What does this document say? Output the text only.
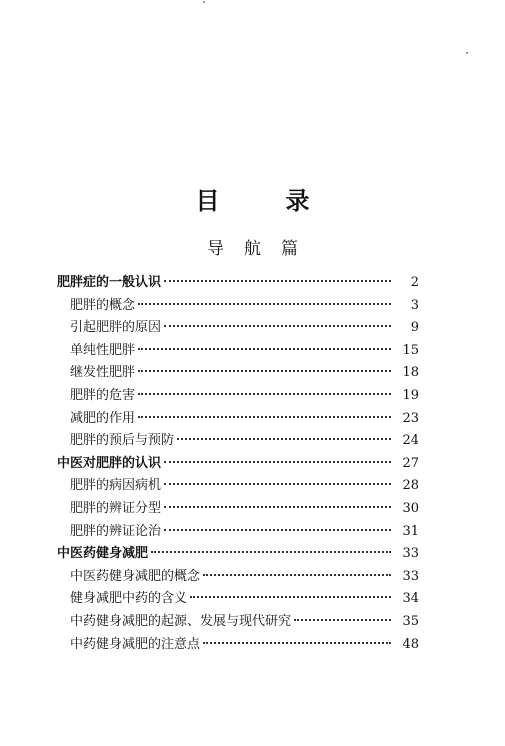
目	录
导航篇
肥胖症的一般认识	2
肥胖的概念	3
引起肥胖的原因	9
单纯性肥胖	15
继发性肥胖	18
肥胖的危害	19
减肥的作用	23
肥胖的预后与预防	24
中医对肥胖的认识	27
肥胖的病因病机	28
肥胖的辨证分型	30
肥胖的辨证论治	31
中医药健身减肥	33
中医药健身减肥的概念	33
健身减肥中药的含义	34
中药健身减肥的起源、发展与现代研究	35
中药健身减肥的注意点	48
